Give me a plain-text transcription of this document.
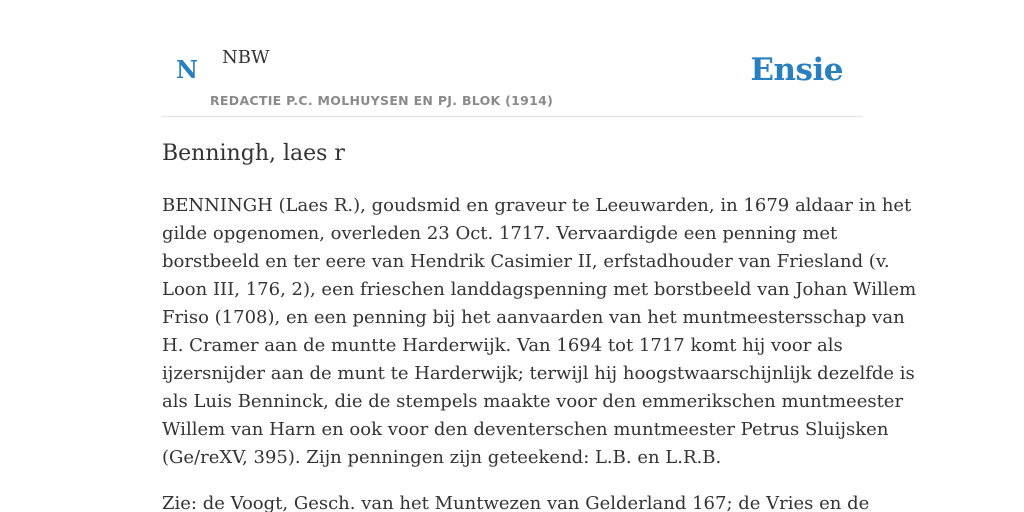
N NBW
REDACTIE P.C. MOLHUYSEN EN PJ. BLOK (1914)
Ensie
Benningh, laes r

BENNINGH (Laes R.), goudsmid en graveur te Leeuwarden, in 1679 aldaar in het
gilde opgenomen, overleden 23 Oct. 1717. Vervaardigde een penning met
borstbeeld en ter eere van Hendrik Casimier II, erfstadhouder van Friesland (v.
Loon III, 176, 2), een frieschen landdagspenning met borstbeeld van Johan Willem
Friso (1708), en een penning bij het aanvaarden van het muntmeestersschap van
H. Cramer aan de muntte Harderwijk. Van 1694 tot 1717 komt hij voor als
ijzersnijder aan de munt te Harderwijk; terwijl hij hoogstwaarschijnlijk dezelfde is
als Luis Benninck, die de stempels maakte voor den emmerikschen muntmeester
Willem van Harn en ook voor den deventerschen muntmeester Petrus Sluijsken
(Ge/reXV, 395). Zijn penningen zijn geteekend: L.B. en L.R.B.

Zie: de Voogt, Gesch. van het Muntwezen van Gelderland 167; de Vries en de
